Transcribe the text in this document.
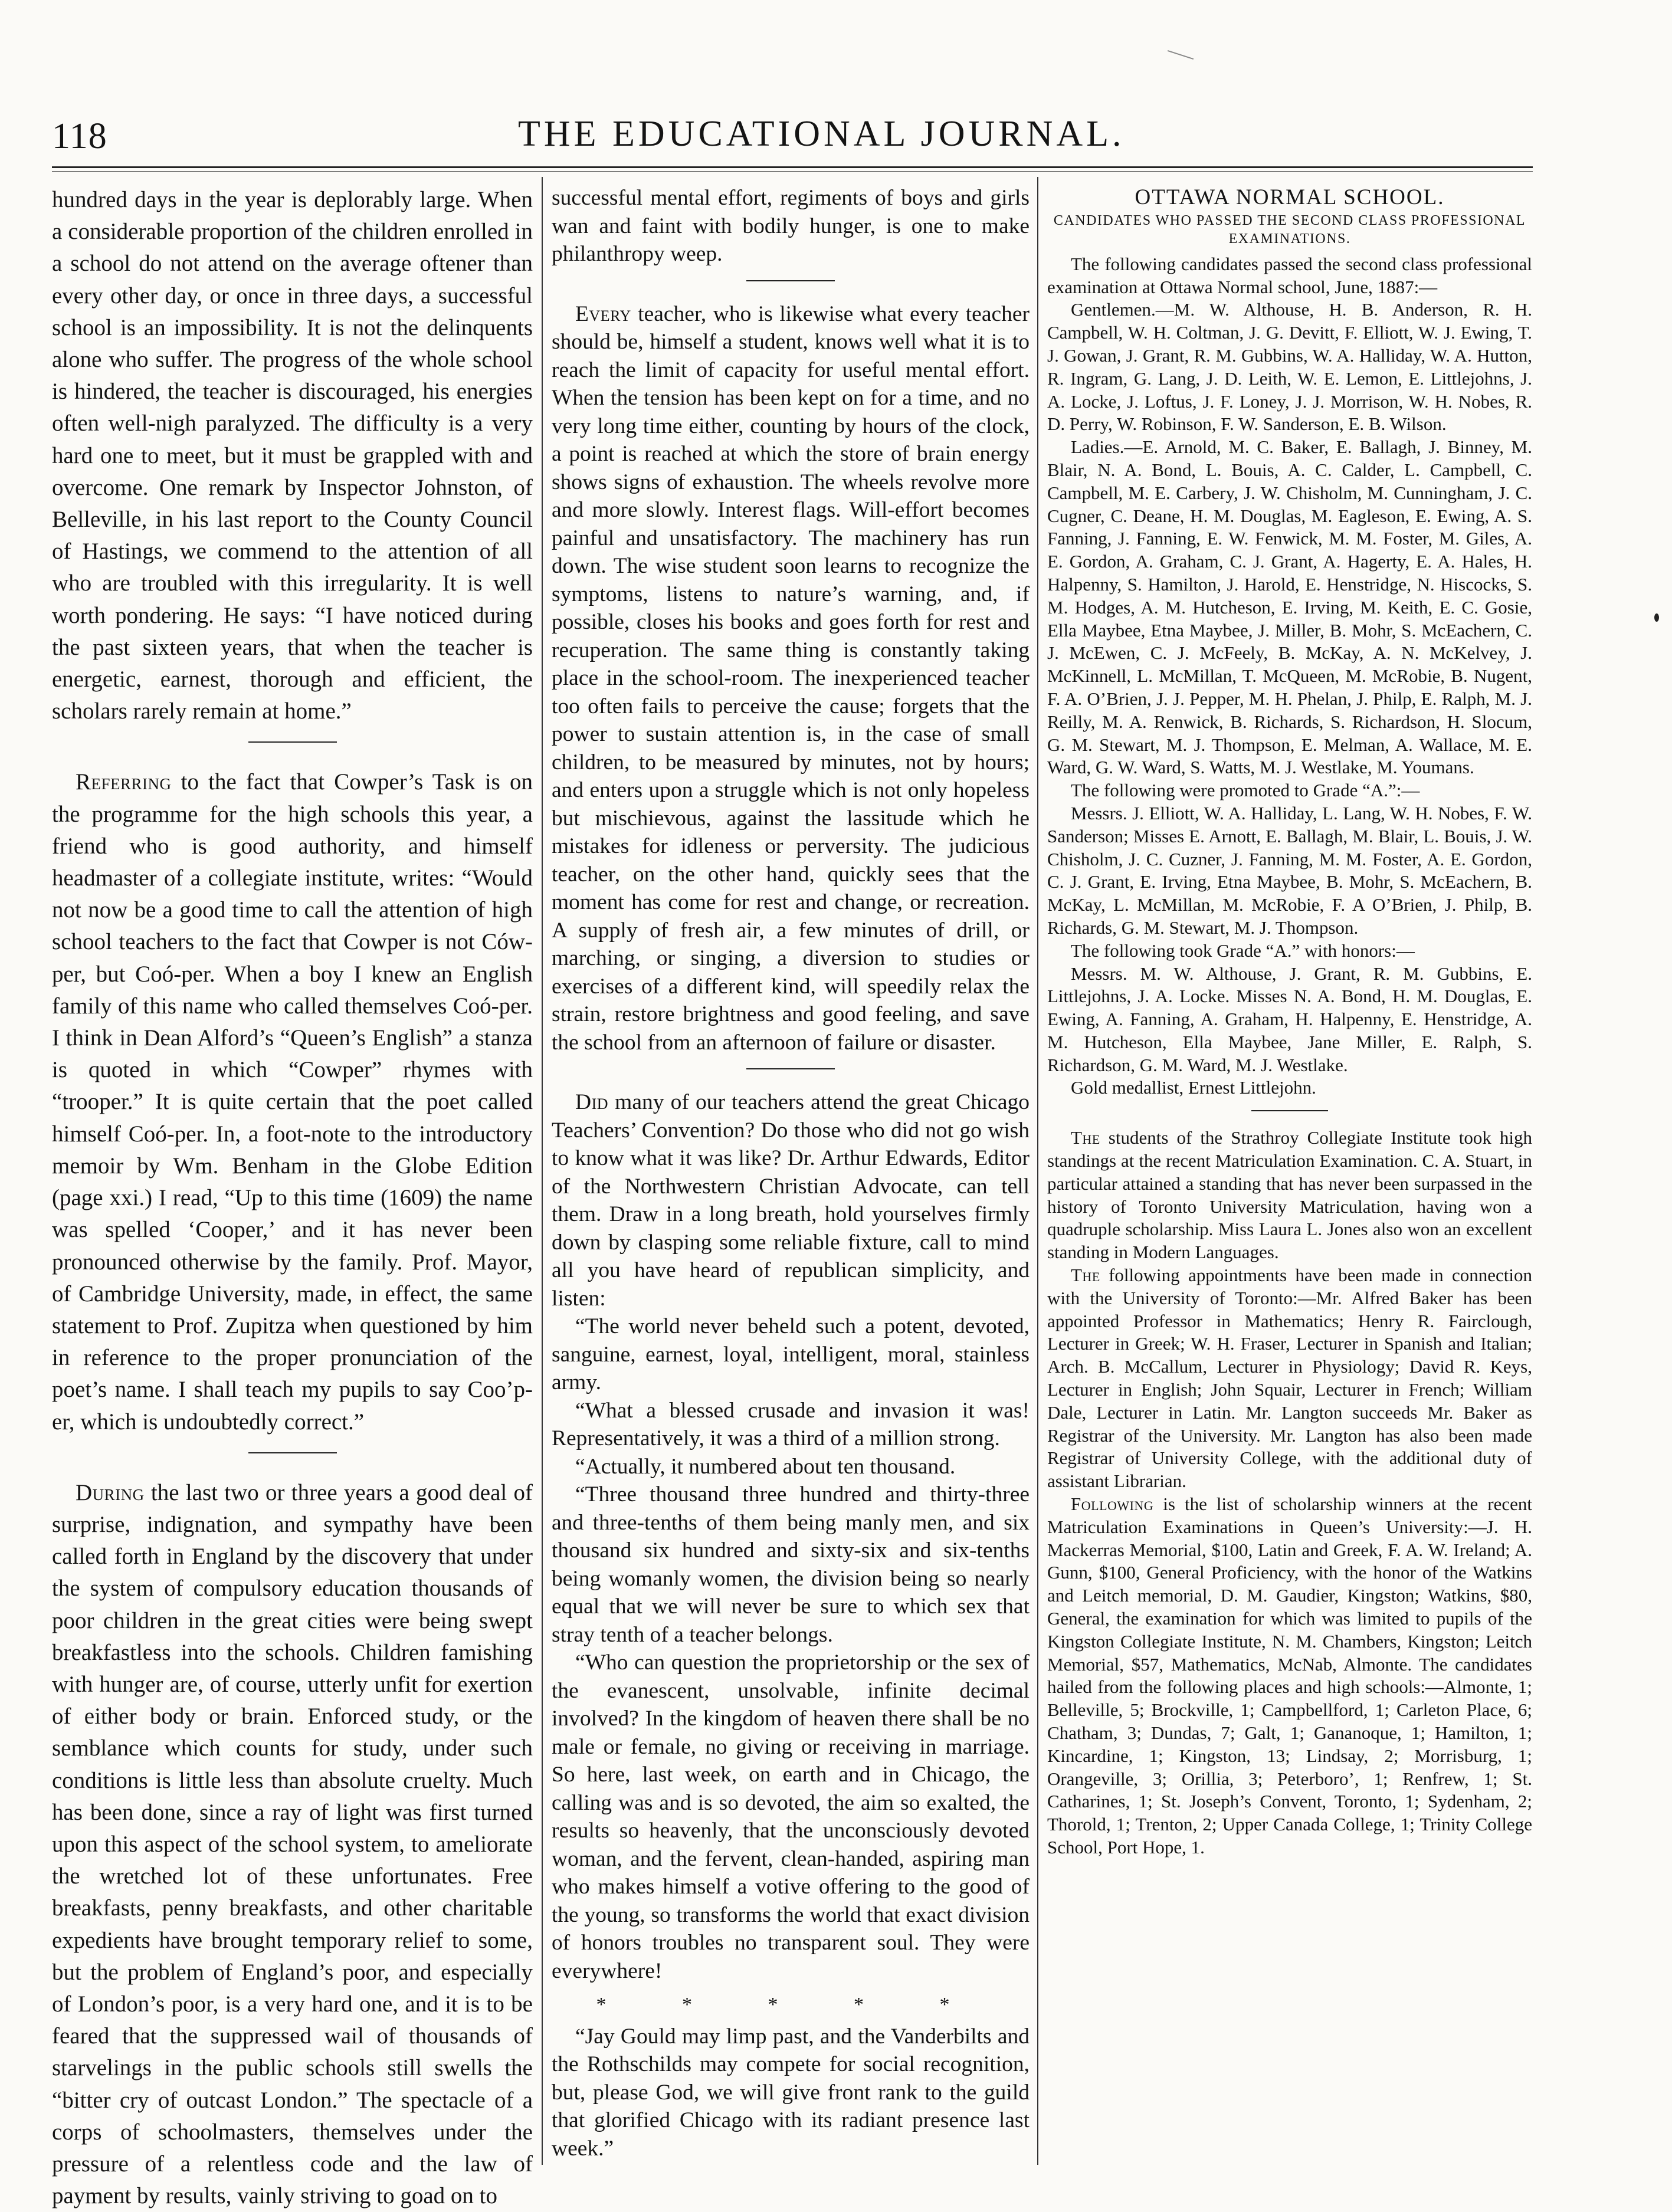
118	THE EDUCATIONAL JOURNAL.

hundred days in the year is deplorably large. When a considerable proportion of the children enrolled in a school do not attend on the average oftener than every other day, or once in three days, a successful school is an impossibility. It is not the delinquents alone who suffer. The progress of the whole school is hindered, the teacher is discouraged, his energies often well-nigh paralyzed. The difficulty is a very hard one to meet, but it must be grappled with and overcome. One remark by Inspector Johnston, of Belleville, in his last report to the County Council of Hastings, we commend to the attention of all who are troubled with this irregularity. It is well worth pondering. He says: “I have noticed during the past sixteen years, that when the teacher is energetic, earnest, thorough and efficient, the scholars rarely remain at home.”

Referring to the fact that Cowper’s Task is on the programme for the high schools this year, a friend who is good authority, and himself headmaster of a collegiate institute, writes: “Would not now be a good time to call the attention of high school teachers to the fact that Cowper is not Ców-per, but Coó-per. When a boy I knew an English family of this name who called themselves Coó-per. I think in Dean Alford’s “Queen’s English” a stanza is quoted in which “Cowper” rhymes with “trooper.” It is quite certain that the poet called himself Coó-per. In, a foot-note to the introductory memoir by Wm. Benham in the Globe Edition (page xxi.) I read, “Up to this time (1609) the name was spelled ‘Cooper,’ and it has never been pronounced otherwise by the family. Prof. Mayor, of Cambridge University, made, in effect, the same statement to Prof. Zupitza when questioned by him in reference to the proper pronunciation of the poet’s name. I shall teach my pupils to say Coo’p-er, which is undoubtedly correct.”

During the last two or three years a good deal of surprise, indignation, and sympathy have been called forth in England by the discovery that under the system of compulsory education thousands of poor children in the great cities were being swept breakfastless into the schools. Children famishing with hunger are, of course, utterly unfit for exertion of either body or brain. Enforced study, or the semblance which counts for study, under such conditions is little less than absolute cruelty. Much has been done, since a ray of light was first turned upon this aspect of the school system, to ameliorate the wretched lot of these unfortunates. Free breakfasts, penny breakfasts, and other charitable expedients have brought temporary relief to some, but the problem of England’s poor, and especially of London’s poor, is a very hard one, and it is to be feared that the suppressed wail of thousands of starvelings in the public schools still swells the “bitter cry of outcast London.” The spectacle of a corps of schoolmasters, themselves under the pressure of a relentless code and the law of payment by results, vainly striving to goad on to

successful mental effort, regiments of boys and girls wan and faint with bodily hunger, is one to make philanthropy weep.

Every teacher, who is likewise what every teacher should be, himself a student, knows well what it is to reach the limit of capacity for useful mental effort. When the tension has been kept on for a time, and no very long time either, counting by hours of the clock, a point is reached at which the store of brain energy shows signs of exhaustion. The wheels revolve more and more slowly. Interest flags. Will-effort becomes painful and unsatisfactory. The machinery has run down. The wise student soon learns to recognize the symptoms, listens to nature’s warning, and, if possible, closes his books and goes forth for rest and recuperation. The same thing is constantly taking place in the school-room. The inexperienced teacher too often fails to perceive the cause; forgets that the power to sustain attention is, in the case of small children, to be measured by minutes, not by hours; and enters upon a struggle which is not only hopeless but mischievous, against the lassitude which he mistakes for idleness or perversity. The judicious teacher, on the other hand, quickly sees that the moment has come for rest and change, or recreation. A supply of fresh air, a few minutes of drill, or marching, or singing, a diversion to studies or exercises of a different kind, will speedily relax the strain, restore brightness and good feeling, and save the school from an afternoon of failure or disaster.

Did many of our teachers attend the great Chicago Teachers’ Convention? Do those who did not go wish to know what it was like? Dr. Arthur Edwards, Editor of the Northwestern Christian Advocate, can tell them. Draw in a long breath, hold yourselves firmly down by clasping some reliable fixture, call to mind all you have heard of republican simplicity, and listen:

“The world never beheld such a potent, devoted, sanguine, earnest, loyal, intelligent, moral, stainless army.

“What a blessed crusade and invasion it was! Representatively, it was a third of a million strong.

“Actually, it numbered about ten thousand.

“Three thousand three hundred and thirty-three and three-tenths of them being manly men, and six thousand six hundred and sixty-six and six-tenths being womanly women, the division being so nearly equal that we will never be sure to which sex that stray tenth of a teacher belongs.

“Who can question the proprietorship or the sex of the evanescent, unsolvable, infinite decimal involved? In the kingdom of heaven there shall be no male or female, no giving or receiving in marriage. So here, last week, on earth and in Chicago, the calling was and is so devoted, the aim so exalted, the results so heavenly, that the unconsciously devoted woman, and the fervent, clean-handed, aspiring man who makes himself a votive offering to the good of the young, so transforms the world that exact division of honors troubles no transparent soul. They were everywhere!

* * * * *

“Jay Gould may limp past, and the Vanderbilts and the Rothschilds may compete for social recognition, but, please God, we will give front rank to the guild that glorified Chicago with its radiant presence last week.”

OTTAWA NORMAL SCHOOL.
CANDIDATES WHO PASSED THE SECOND CLASS PROFESSIONAL EXAMINATIONS.

The following candidates passed the second class professional examination at Ottawa Normal school, June, 1887:—

Gentlemen.—M. W. Althouse, H. B. Anderson, R. H. Campbell, W. H. Coltman, J. G. Devitt, F. Elliott, W. J. Ewing, T. J. Gowan, J. Grant, R. M. Gubbins, W. A. Halliday, W. A. Hutton, R. Ingram, G. Lang, J. D. Leith, W. E. Lemon, E. Littlejohns, J. A. Locke, J. Loftus, J. F. Loney, J. J. Morrison, W. H. Nobes, R. D. Perry, W. Robinson, F. W. Sanderson, E. B. Wilson.

Ladies.—E. Arnold, M. C. Baker, E. Ballagh, J. Binney, M. Blair, N. A. Bond, L. Bouis, A. C. Calder, L. Campbell, C. Campbell, M. E. Carbery, J. W. Chisholm, M. Cunningham, J. C. Cugner, C. Deane, H. M. Douglas, M. Eagleson, E. Ewing, A. S. Fanning, J. Fanning, E. W. Fenwick, M. M. Foster, M. Giles, A. E. Gordon, A. Graham, C. J. Grant, A. Hagerty, E. A. Hales, H. Halpenny, S. Hamilton, J. Harold, E. Henstridge, N. Hiscocks, S. M. Hodges, A. M. Hutcheson, E. Irving, M. Keith, E. C. Gosie, Ella Maybee, Etna Maybee, J. Miller, B. Mohr, S. McEachern, C. J. McEwen, C. J. McFeely, B. McKay, A. N. McKelvey, J. McKinnell, L. McMillan, T. McQueen, M. McRobie, B. Nugent, F. A. O’Brien, J. J. Pepper, M. H. Phelan, J. Philp, E. Ralph, M. J. Reilly, M. A. Renwick, B. Richards, S. Richardson, H. Slocum, G. M. Stewart, M. J. Thompson, E. Melman, A. Wallace, M. E. Ward, G. W. Ward, S. Watts, M. J. Westlake, M. Youmans.

The following were promoted to Grade “A.”:—

Messrs. J. Elliott, W. A. Halliday, L. Lang, W. H. Nobes, F. W. Sanderson; Misses E. Arnott, E. Ballagh, M. Blair, L. Bouis, J. W. Chisholm, J. C. Cuzner, J. Fanning, M. M. Foster, A. E. Gordon, C. J. Grant, E. Irving, Etna Maybee, B. Mohr, S. McEachern, B. McKay, L. McMillan, M. McRobie, F. A O’Brien, J. Philp, B. Richards, G. M. Stewart, M. J. Thompson.

The following took Grade “A.” with honors:—

Messrs. M. W. Althouse, J. Grant, R. M. Gubbins, E. Littlejohns, J. A. Locke. Misses N. A. Bond, H. M. Douglas, E. Ewing, A. Fanning, A. Graham, H. Halpenny, E. Henstridge, A. M. Hutcheson, Ella Maybee, Jane Miller, E. Ralph, S. Richardson, G. M. Ward, M. J. Westlake.

Gold medallist, Ernest Littlejohn.

The students of the Strathroy Collegiate Institute took high standings at the recent Matriculation Examination. C. A. Stuart, in particular attained a standing that has never been surpassed in the history of Toronto University Matriculation, having won a quadruple scholarship. Miss Laura L. Jones also won an excellent standing in Modern Languages.

The following appointments have been made in connection with the University of Toronto:—Mr. Alfred Baker has been appointed Professor in Mathematics; Henry R. Fairclough, Lecturer in Greek; W. H. Fraser, Lecturer in Spanish and Italian; Arch. B. McCallum, Lecturer in Physiology; David R. Keys, Lecturer in English; John Squair, Lecturer in French; William Dale, Lecturer in Latin. Mr. Langton succeeds Mr. Baker as Registrar of the University. Mr. Langton has also been made Registrar of University College, with the additional duty of assistant Librarian.

Following is the list of scholarship winners at the recent Matriculation Examinations in Queen’s University:—J. H. Mackerras Memorial, $100, Latin and Greek, F. A. W. Ireland; A. Gunn, $100, General Proficiency, with the honor of the Watkins and Leitch memorial, D. M. Gaudier, Kingston; Watkins, $80, General, the examination for which was limited to pupils of the Kingston Collegiate Institute, N. M. Chambers, Kingston; Leitch Memorial, $57, Mathematics, McNab, Almonte. The candidates hailed from the following places and high schools:—Almonte, 1; Belleville, 5; Brockville, 1; Campbellford, 1; Carleton Place, 6; Chatham, 3; Dundas, 7; Galt, 1; Gananoque, 1; Hamilton, 1; Kincardine, 1; Kingston, 13; Lindsay, 2; Morrisburg, 1; Orangeville, 3; Orillia, 3; Peterboro’, 1; Renfrew, 1; St. Catharines, 1; St. Joseph’s Convent, Toronto, 1; Sydenham, 2; Thorold, 1; Trenton, 2; Upper Canada College, 1; Trinity College School, Port Hope, 1.
